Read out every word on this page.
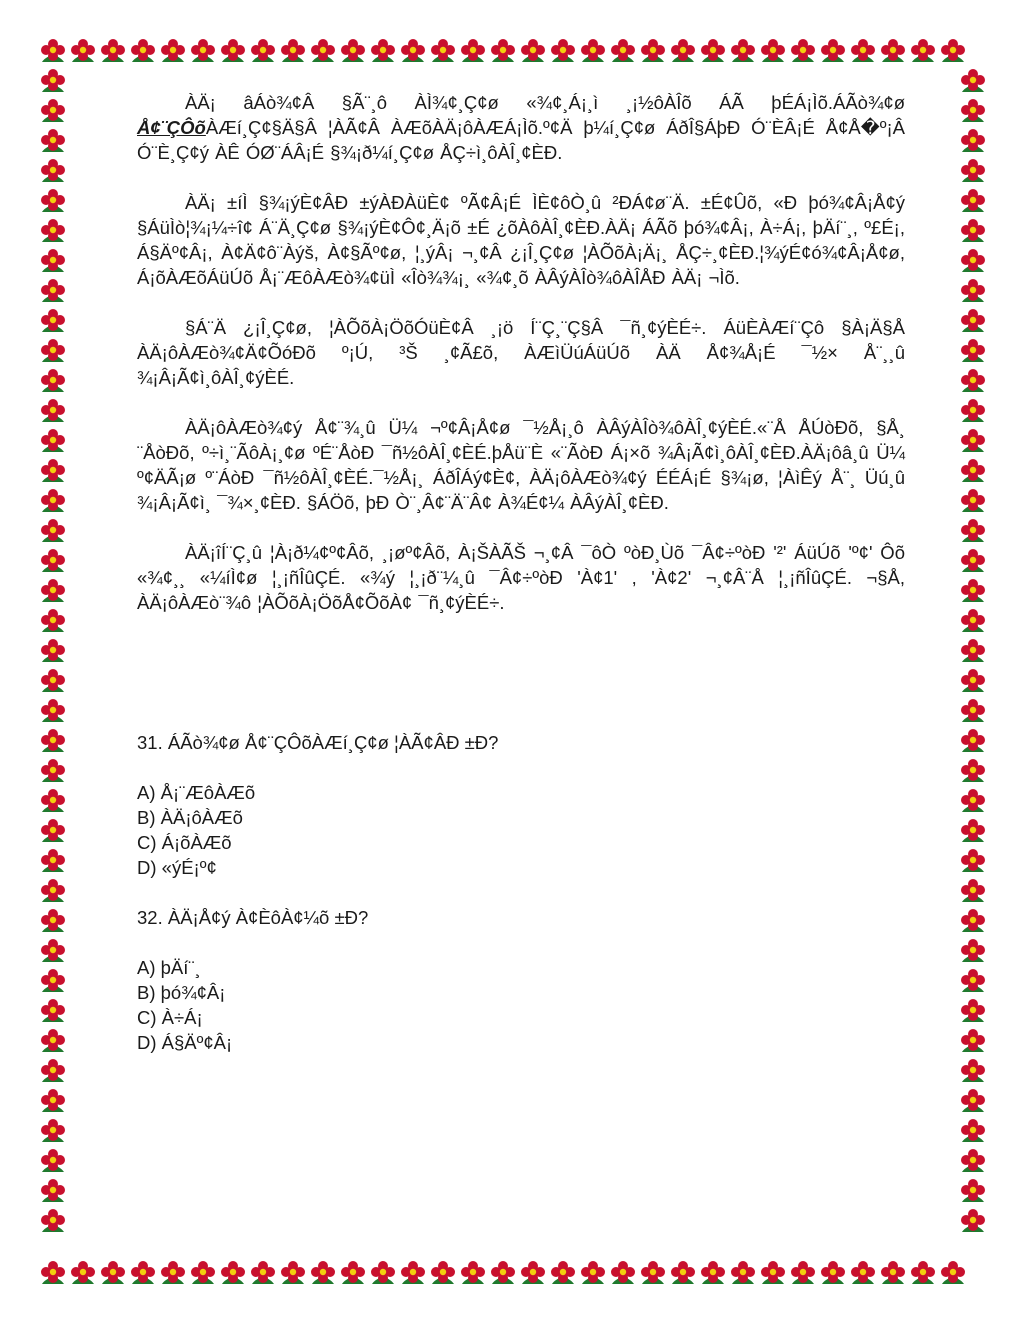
ÀÄ¡ âÁò¾¢Â §Ã¨¸ô ÀÌ¾¢¸Ç¢ø «¾¢¸Á¡¸ì ¸¡½ôÀÎõ ÁÃ þÉÁ¡Ìõ.ÁÃò¾¢ø Å¢¨ÇÔõÀÆí¸Ç¢§Ä§Â ¦ÀÃ¢Â ÀÆõÀÄ¡ôÀÆÁ¡Ìõ.º¢Ä þ¼í¸Ç¢ø ÁðÎ§ÁþÐ Ó¨ÈÂ¡É Å¢Å�º¡Â Ó¨È¸Ç¢ý ÀÊ ÓØ¨ÁÂ¡É §¾¡ð¼í¸Ç¢ø ÅÇ÷ì¸ôÀÎ¸¢ÈÐ.

ÀÄ¡ ±íÌ §¾¡ýÈ¢ÂÐ ±ýÀÐÀüÈ¢ ºÃ¢Â¡É ÌÈ¢ôÒ¸û ²ÐÁ¢ø¨Ä. ±É¢Ûõ, «Ð þó¾¢Â¡Å¢ý §ÁüÌò¦¾¡¼÷î¢ Á¨Ä¸Ç¢ø §¾¡ýÈ¢Ô¢¸Ä¡õ ±É ¿õÀôÀÎ¸¢ÈÐ.ÀÄ¡ ÁÃõ þó¾¢Â¡, À÷Á¡, þÄí¨¸, º£É¡, Á§Äº¢Â¡, À¢Ä¢ô¨Àýš, À¢§Ãº¢ø, ¦¸ýÂ¡ ¬¸¢Â ¿¡Î¸Ç¢ø ¦ÀÕõÀ¡Ä¡¸ ÅÇ÷¸¢ÈÐ.¦¾ýÉ¢ó¾¢Â¡Å¢ø, Á¡õÀÆõÁüÚõ Å¡¨ÆôÀÆò¾¢üÌ «Îò¾¾¡¸ «¾¢¸õ ÀÂýÀÎò¾ôÀÎÅÐ ÀÄ¡ ¬Ìõ.

§Á¨Ä ¿¡Î¸Ç¢ø, ¦ÀÕõÀ¡ÖõÓüÈ¢Â ¸¡ö Í¨Ç¸¨Ç§Â ¯ñ¸¢ýÈÉ÷. ÁüÈÀÆí¨Çô §À¡Ä§Å ÀÄ¡ôÀÆò¾¢Ä¢ÕóÐõ º¡Ú, ³Š ¸¢Ã£õ, ÀÆìÜúÁüÚõ ÀÄ Å¢¾Å¡É ¯½× Å¨¸¸û ¾¡Â¡Ã¢ì¸ôÀÎ¸¢ýÈÉ.

ÀÄ¡ôÀÆò¾¢ý Å¢¨¾¸û Ü¼ ¬º¢Â¡Å¢ø ¯½Å¡¸ô ÀÂýÀÎò¾ôÀÎ¸¢ýÈÉ.«¨Å ÅÚòÐõ, §Å¸ ¨ÅòÐõ, º÷ì¸¨ÃôÀ¡¸¢ø ºÉ¨ÅòÐ ¯ñ½ôÀÎ¸¢ÈÉ.þÅü¨È «¨ÃòÐ Á¡×õ ¾Â¡Ã¢ì¸ôÀÎ¸¢ÈÐ.ÀÄ¡ôâ¸û Ü¼ º¢ÄÃ¡ø º¨ÁòÐ ¯ñ½ôÀÎ¸¢ÈÉ.¯½Å¡¸ ÁðÎÁý¢È¢, ÀÄ¡ôÀÆò¾¢ý ÉÉÁ¡É §¾¡ø, ¦ÀìÊý Å¨¸ Üú¸û ¾¡Â¡Ã¢ì¸ ¯¾×¸¢ÈÐ. §ÁÖõ, þÐ Ò¨¸Â¢¨Ä¨Â¢ À¾É¢¼ ÀÂýÀÎ¸¢ÈÐ.

ÀÄ¡îÍ¨Ç¸û ¦À¡ð¼¢º¢Âõ, ¸¡øº¢Âõ, À¡ŠÀÃŠ ¬¸¢Â ¯ôÒ ºòÐ¸Ùõ ¯Â¢÷ºòÐ '²' ÁüÚõ 'º¢' Ôõ «¾¢¸¸ «¼íÌ¢ø ¦¸¡ñÎûÇÉ. «¾ý ¦¸¡ð¨¼¸û ¯Â¢÷ºòÐ 'À¢1' , 'À¢2' ¬¸¢Â¨Å ¦¸¡ñÎûÇÉ. ¬§Å, ÀÄ¡ôÀÆò¨¾ô ¦ÀÕõÀ¡ÖõÅ¢ÕõÀ¢ ¯ñ¸¢ýÈÉ÷.

31. ÁÃò¾¢ø Å¢¨ÇÔõÀÆí¸Ç¢ø ¦ÀÃ¢ÂÐ ±Ð?

A) Å¡¨ÆôÀÆõ
B) ÀÄ¡ôÀÆõ
C) Á¡õÀÆõ
D) «ýÉ¡º¢

32. ÀÄ¡Å¢ý À¢ÈôÀ¢¼õ ±Ð?

A) þÄí¨¸
B) þó¾¢Â¡
C) À÷Á¡
D) Á§Äº¢Â¡
